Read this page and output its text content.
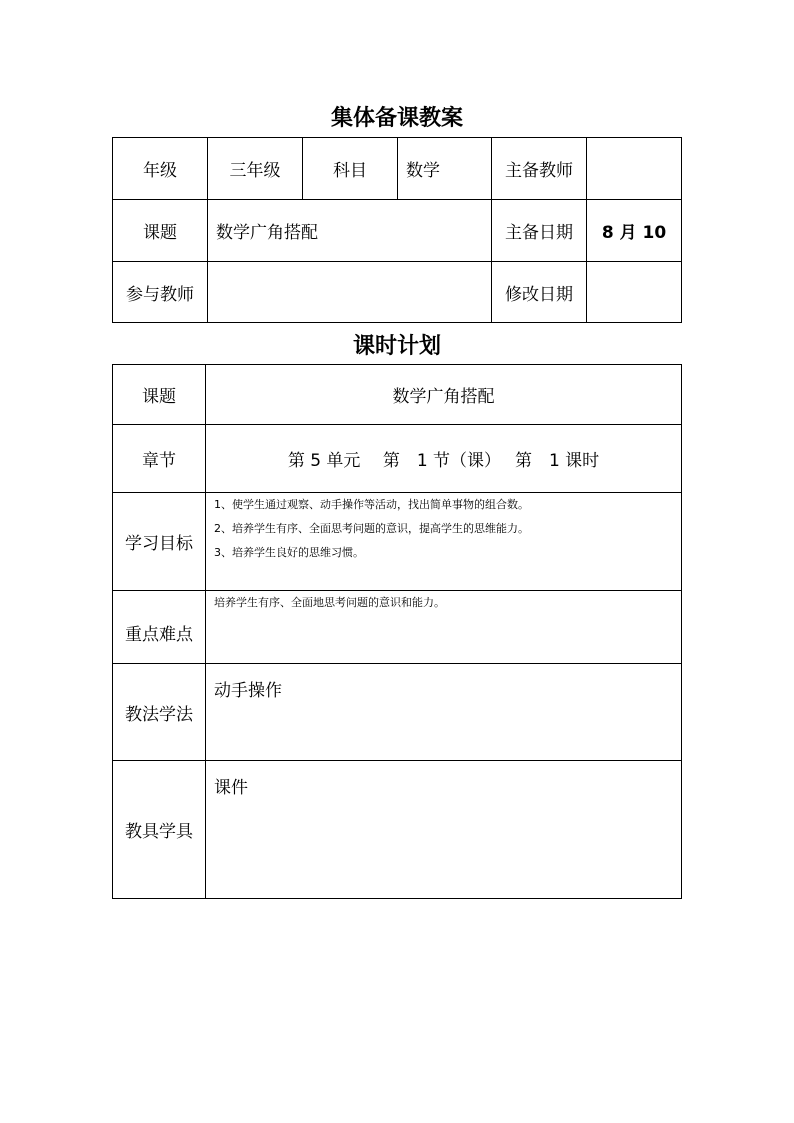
集体备课教案
年级	三年级	科目	数学	主备教师	
课题	数学广角搭配			主备日期	8 月 10
参与教师				修改日期	
课时计划
课题	数学广角搭配
章节	第 5 单元　 第　1 节（课）　 第　1 课时
学习目标	1、使学生通过观察、动手操作等活动，找出简单事物的组合数。
2、培养学生有序、全面思考问题的意识，提高学生的思维能力。
3、培养学生良好的思维习惯。

重点难点	培养学生有序、全面地思考问题的意识和能力。
教法学法	动手操作
教具学具	课件
